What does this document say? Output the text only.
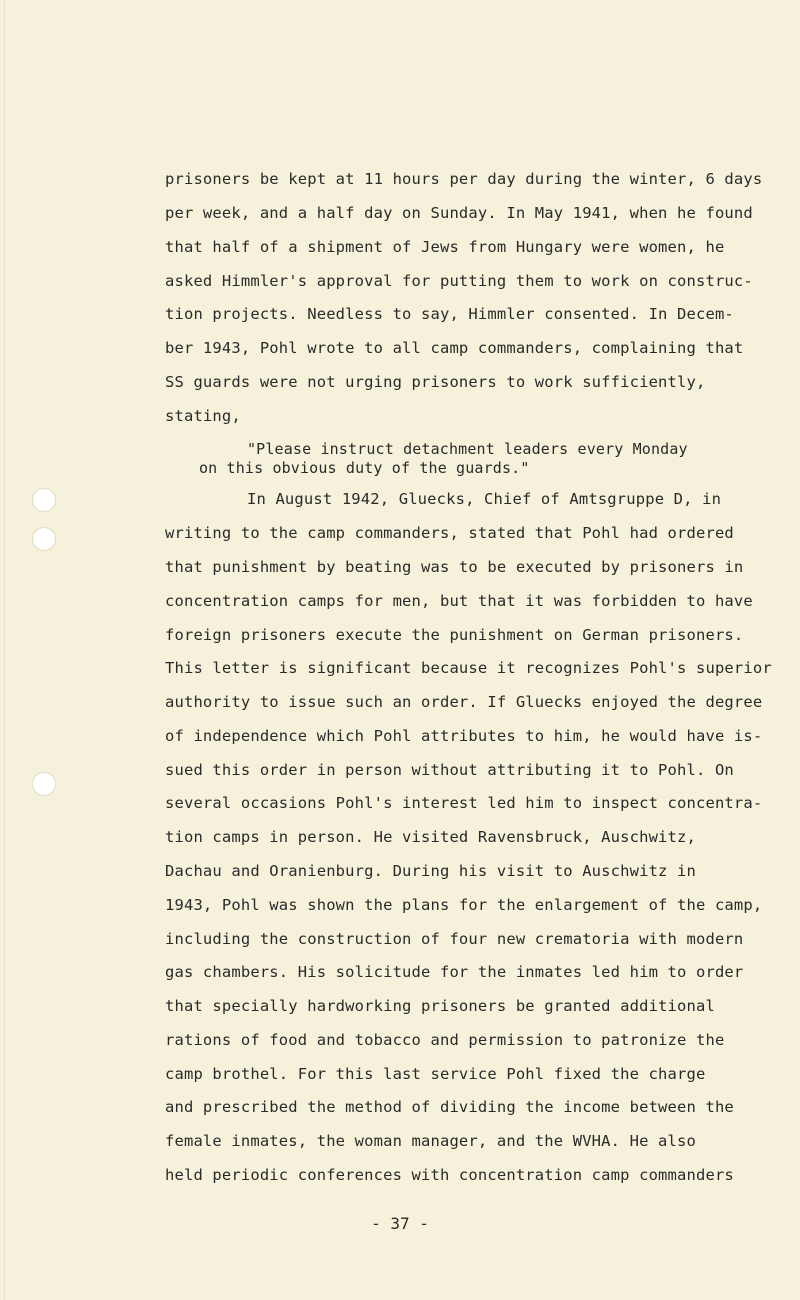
prisoners be kept at 11 hours per day during the winter, 6 days
per week, and a half day on Sunday. In May 1941, when he found
that half of a shipment of Jews from Hungary were women, he
asked Himmler's approval for putting them to work on construc-
tion projects. Needless to say, Himmler consented. In Decem-
ber 1943, Pohl wrote to all camp commanders, complaining that
SS guards were not urging prisoners to work sufficiently,
stating,
"Please instruct detachment leaders every Monday
on this obvious duty of the guards."
In August 1942, Gluecks, Chief of Amtsgruppe D, in
writing to the camp commanders, stated that Pohl had ordered
that punishment by beating was to be executed by prisoners in
concentration camps for men, but that it was forbidden to have
foreign prisoners execute the punishment on German prisoners.
This letter is significant because it recognizes Pohl's superior
authority to issue such an order. If Gluecks enjoyed the degree
of independence which Pohl attributes to him, he would have is-
sued this order in person without attributing it to Pohl. On
several occasions Pohl's interest led him to inspect concentra-
tion camps in person. He visited Ravensbruck, Auschwitz,
Dachau and Oranienburg. During his visit to Auschwitz in
1943, Pohl was shown the plans for the enlargement of the camp,
including the construction of four new crematoria with modern
gas chambers. His solicitude for the inmates led him to order
that specially hardworking prisoners be granted additional
rations of food and tobacco and permission to patronize the
camp brothel. For this last service Pohl fixed the charge
and prescribed the method of dividing the income between the
female inmates, the woman manager, and the WVHA. He also
held periodic conferences with concentration camp commanders
- 37 -
